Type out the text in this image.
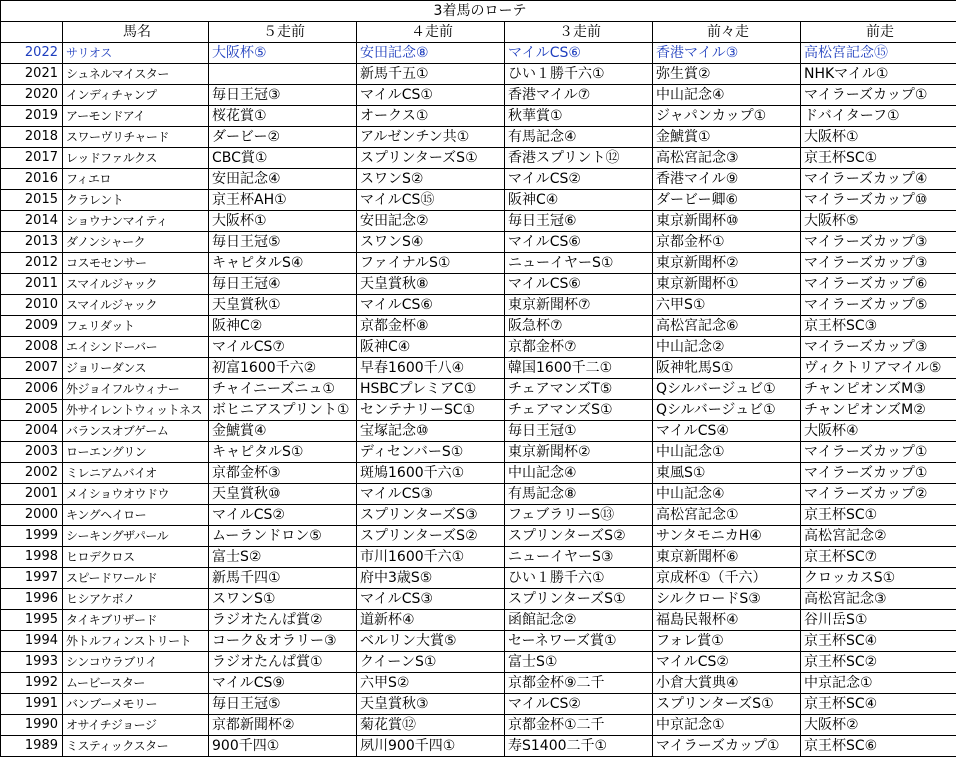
3着馬のローテ						
	馬名	５走前	４走前	３走前	前々走	前走
2022	サリオス	大阪杯⑤	安田記念⑧	マイルCS⑥	香港マイル③	高松宮記念⑮
2021	シュネルマイスター		新馬千五①	ひい１勝千六①	弥生賞②	NHKマイル①
2020	インディチャンプ	毎日王冠③	マイルCS①	香港マイル⑦	中山記念④	マイラーズカップ①
2019	アーモンドアイ	桜花賞①	オークス①	秋華賞①	ジャパンカップ①	ドバイターフ①
2018	スワーヴリチャード	ダービー②	アルゼンチン共①	有馬記念④	金鯱賞①	大阪杯①
2017	レッドファルクス	CBC賞①	スプリンターズS①	香港スプリント⑫	高松宮記念③	京王杯SC①
2016	フィエロ	安田記念④	スワンS②	マイルCS②	香港マイル⑨	マイラーズカップ④
2015	クラレント	京王杯AH①	マイルCS⑮	阪神C④	ダービー卿⑥	マイラーズカップ⑩
2014	ショウナンマイティ	大阪杯①	安田記念②	毎日王冠⑥	東京新聞杯⑩	大阪杯⑤
2013	ダノンシャーク	毎日王冠⑤	スワンS④	マイルCS⑥	京都金杯①	マイラーズカップ③
2012	コスモセンサー	キャピタルS④	ファイナルS①	ニューイヤーS①	東京新聞杯②	マイラーズカップ③
2011	スマイルジャック	毎日王冠④	天皇賞秋⑧	マイルCS⑥	東京新聞杯①	マイラーズカップ⑥
2010	スマイルジャック	天皇賞秋①	マイルCS⑥	東京新聞杯⑦	六甲S①	マイラーズカップ⑤
2009	フェリダット	阪神C②	京都金杯⑧	阪急杯⑦	高松宮記念⑥	京王杯SC③
2008	エイシンドーバー	マイルCS⑦	阪神C④	京都金杯⑦	中山記念②	マイラーズカップ③
2007	ジョリーダンス	初富1600千六②	早春1600千八④	韓国1600千二①	阪神牝馬S①	ヴィクトリアマイル⑤
2006	外ジョイフルウィナー	チャイニーズニュ①	HSBCプレミアC①	チェアマンズT⑤	Qシルバージュビ①	チャンピオンズM③
2005	外サイレントウィットネス	ボヒニアスプリント①	センテナリーSC①	チェアマンズS①	Qシルバージュビ①	チャンピオンズM②
2004	バランスオブゲーム	金鯱賞④	宝塚記念⑩	毎日王冠①	マイルCS④	大阪杯④
2003	ローエングリン	キャピタルS①	ディセンバーS①	東京新聞杯②	中山記念①	マイラーズカップ①
2002	ミレニアムバイオ	京都金杯③	斑鳩1600千六①	中山記念④	東風S①	マイラーズカップ①
2001	メイショウオウドウ	天皇賞秋⑩	マイルCS③	有馬記念⑧	中山記念④	マイラーズカップ②
2000	キングヘイロー	マイルCS②	スプリンターズS③	フェブラリーS⑬	高松宮記念①	京王杯SC①
1999	シーキングザパール	ムーランドロン⑤	スプリンターズS②	スプリンターズS②	サンタモニカH④	高松宮記念②
1998	ヒロデクロス	富士S②	市川1600千六①	ニューイヤーS③	東京新聞杯⑥	京王杯SC⑦
1997	スピードワールド	新馬千四①	府中3歳S⑤	ひい１勝千六①	京成杯①（千六）	クロッカスS①
1996	ヒシアケボノ	スワンS①	マイルCS③	スプリンターズS①	シルクロードS③	高松宮記念③
1995	タイキブリザード	ラジオたんぱ賞②	道新杯④	函館記念②	福島民報杯④	谷川岳S①
1994	外トルフィンストリート	コーク＆オラリー③	ベルリン大賞⑤	セーネワーズ賞①	フォレ賞①	京王杯SC④
1993	シンコウラブリイ	ラジオたんぱ賞①	クイーンS①	富士S①	マイルCS②	京王杯SC②
1992	ムービースター	マイルCS⑨	六甲S②	京都金杯⑨二千	小倉大賞典④	中京記念①
1991	バンブーメモリー	毎日王冠⑤	天皇賞秋③	マイルCS②	スプリンターズS①	京王杯SC④
1990	オサイチジョージ	京都新聞杯②	菊花賞⑫	京都金杯①二千	中京記念①	大阪杯②
1989	ミスティックスター	900千四①	夙川900千四①	寿S1400二千①	マイラーズカップ①	京王杯SC⑥
